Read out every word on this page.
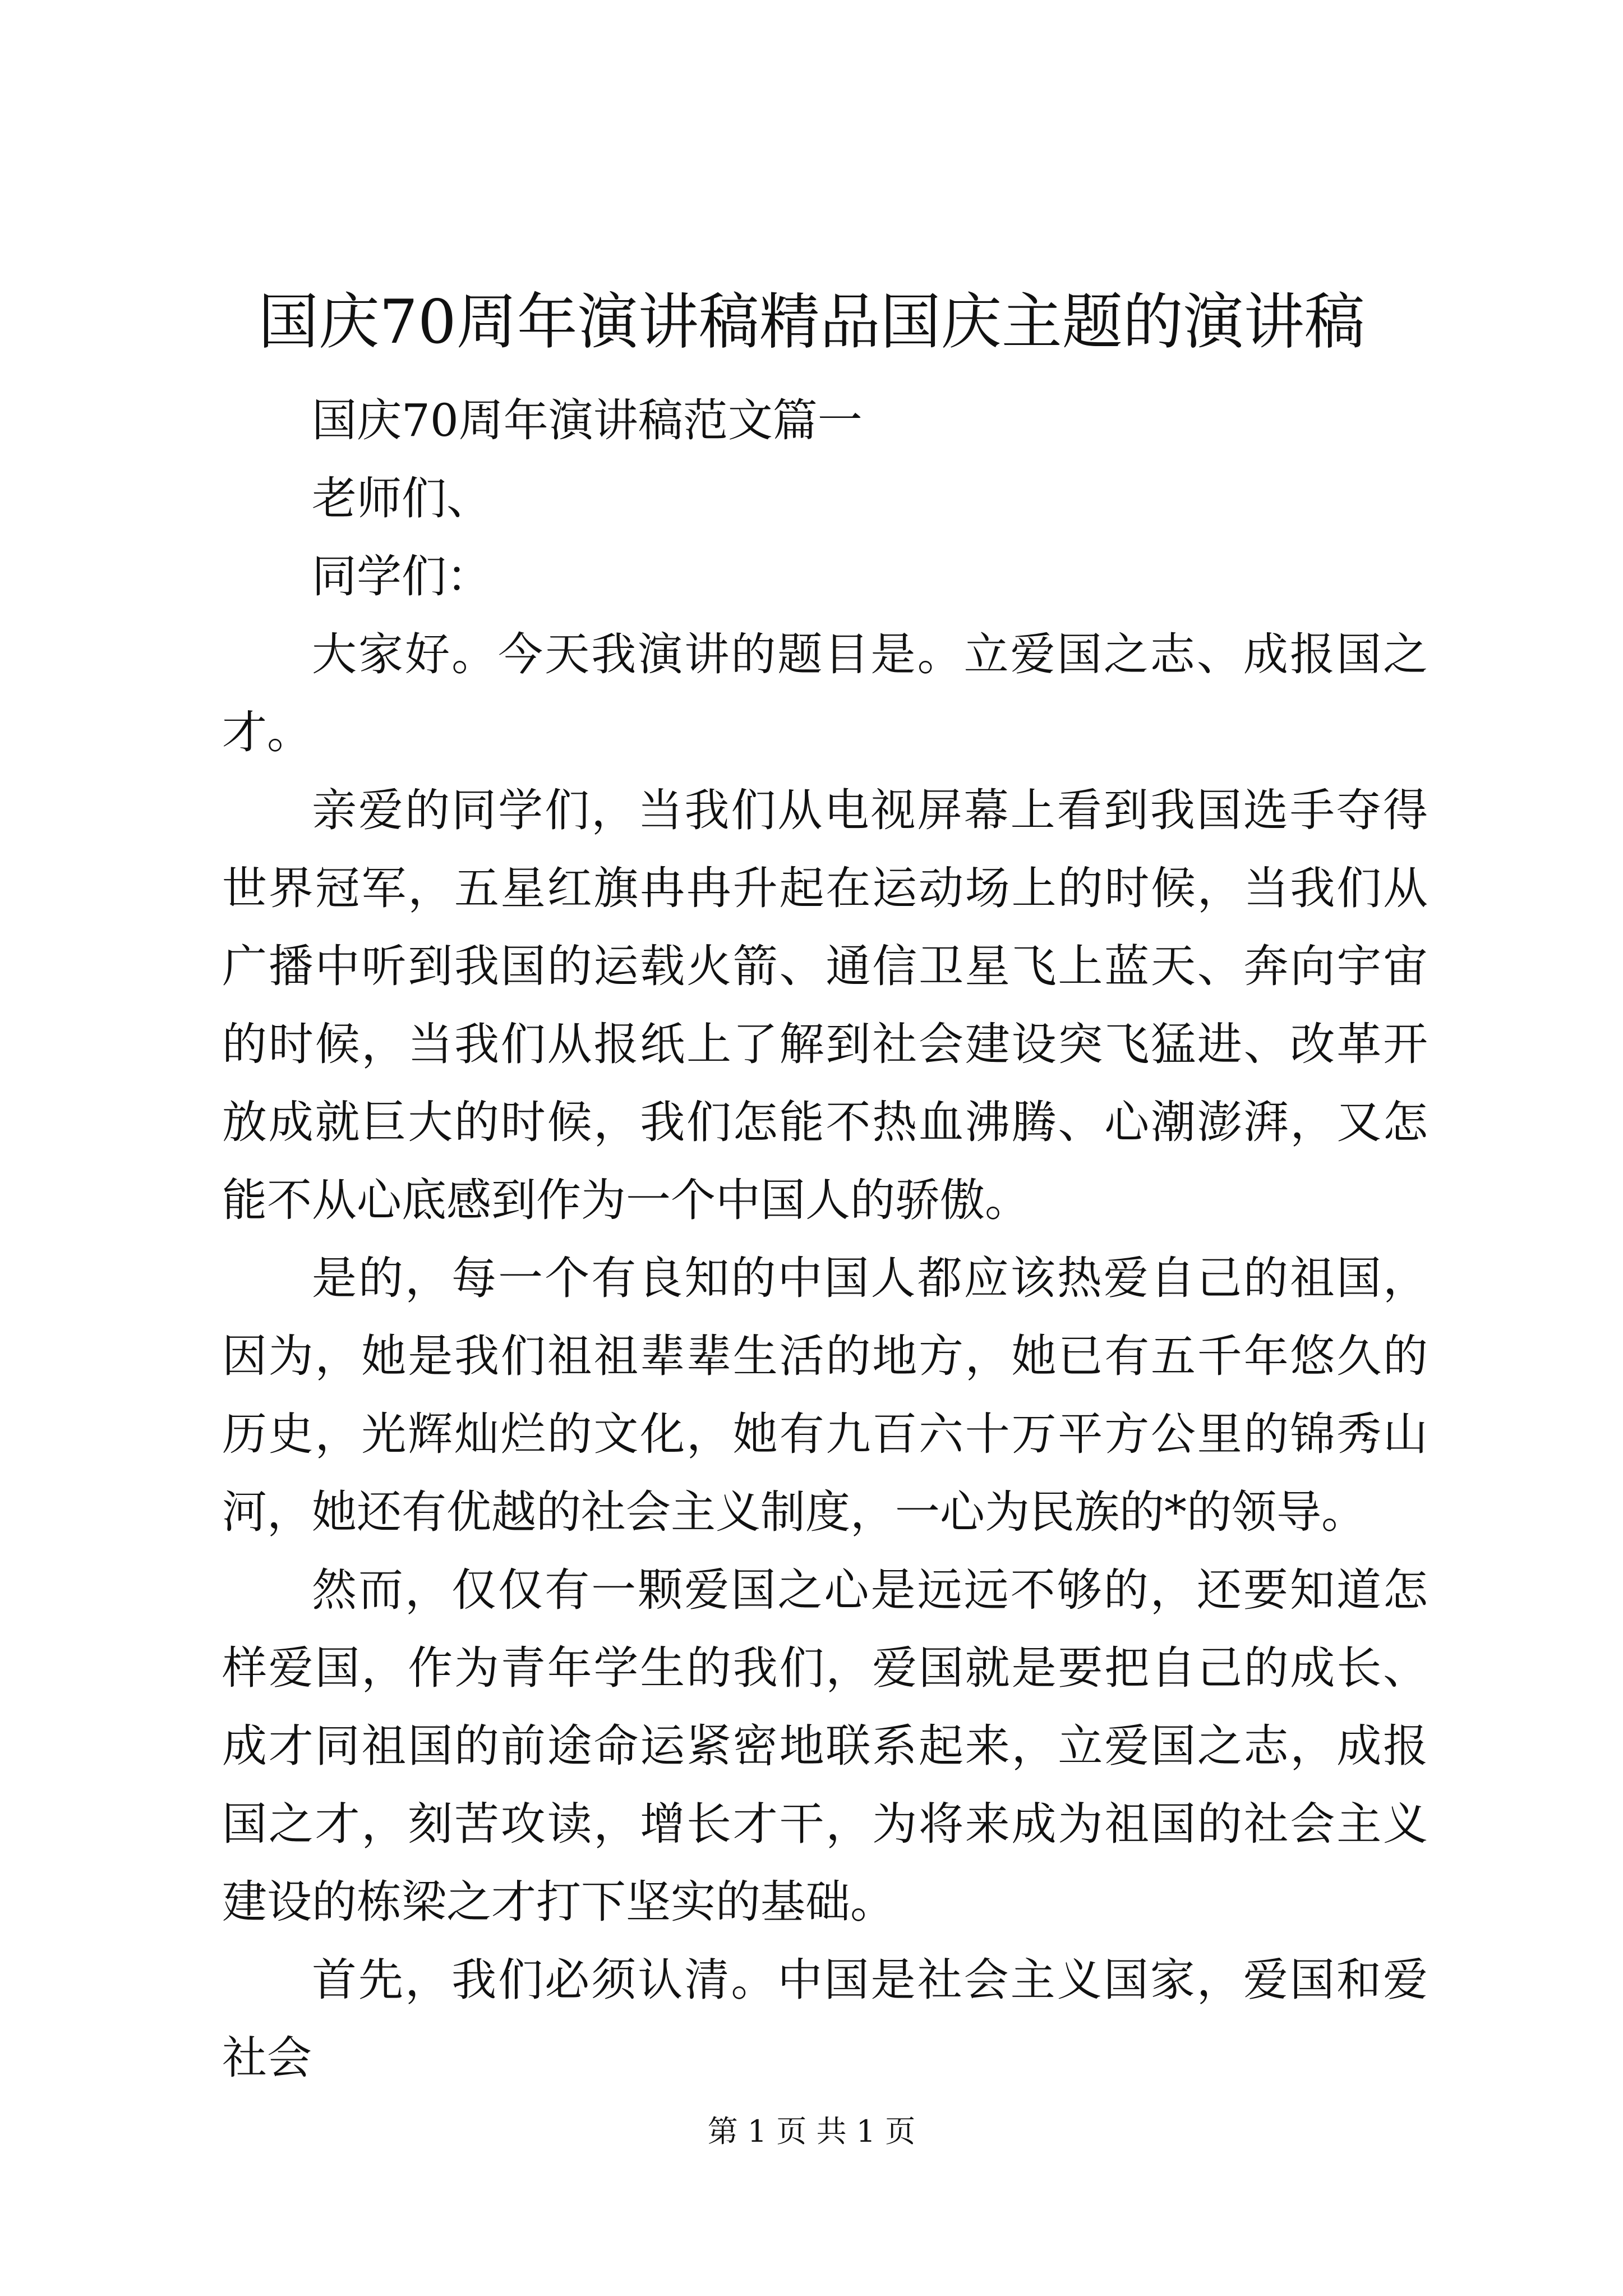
国庆70周年演讲稿精品国庆主题的演讲稿
国庆70周年演讲稿范文篇一
老师们、
同学们：

大家好。今天我演讲的题目是。立爱国之志、成报国之才。

亲爱的同学们，当我们从电视屏幕上看到我国选手夺得世界冠军，五星红旗冉冉升起在运动场上的时候，当我们从广播中听到我国的运载火箭、通信卫星飞上蓝天、奔向宇宙的时候，当我们从报纸上了解到社会建设突飞猛进、改革开放成就巨大的时候，我们怎能不热血沸腾、心潮澎湃，又怎能不从心底感到作为一个中国人的骄傲。

是的，每一个有良知的中国人都应该热爱自己的祖国，因为，她是我们祖祖辈辈生活的地方，她已有五千年悠久的历史，光辉灿烂的文化，她有九百六十万平方公里的锦秀山河，她还有优越的社会主义制度，一心为民族的*的领导。

然而，仅仅有一颗爱国之心是远远不够的，还要知道怎样爱国，作为青年学生的我们，爱国就是要把自己的成长、成才同祖国的前途命运紧密地联系起来，立爱国之志，成报国之才，刻苦攻读，增长才干，为将来成为祖国的社会主义建设的栋梁之才打下坚实的基础。

首先，我们必须认清。中国是社会主义国家，爱国和爱社会

第 1 页 共 1 页
